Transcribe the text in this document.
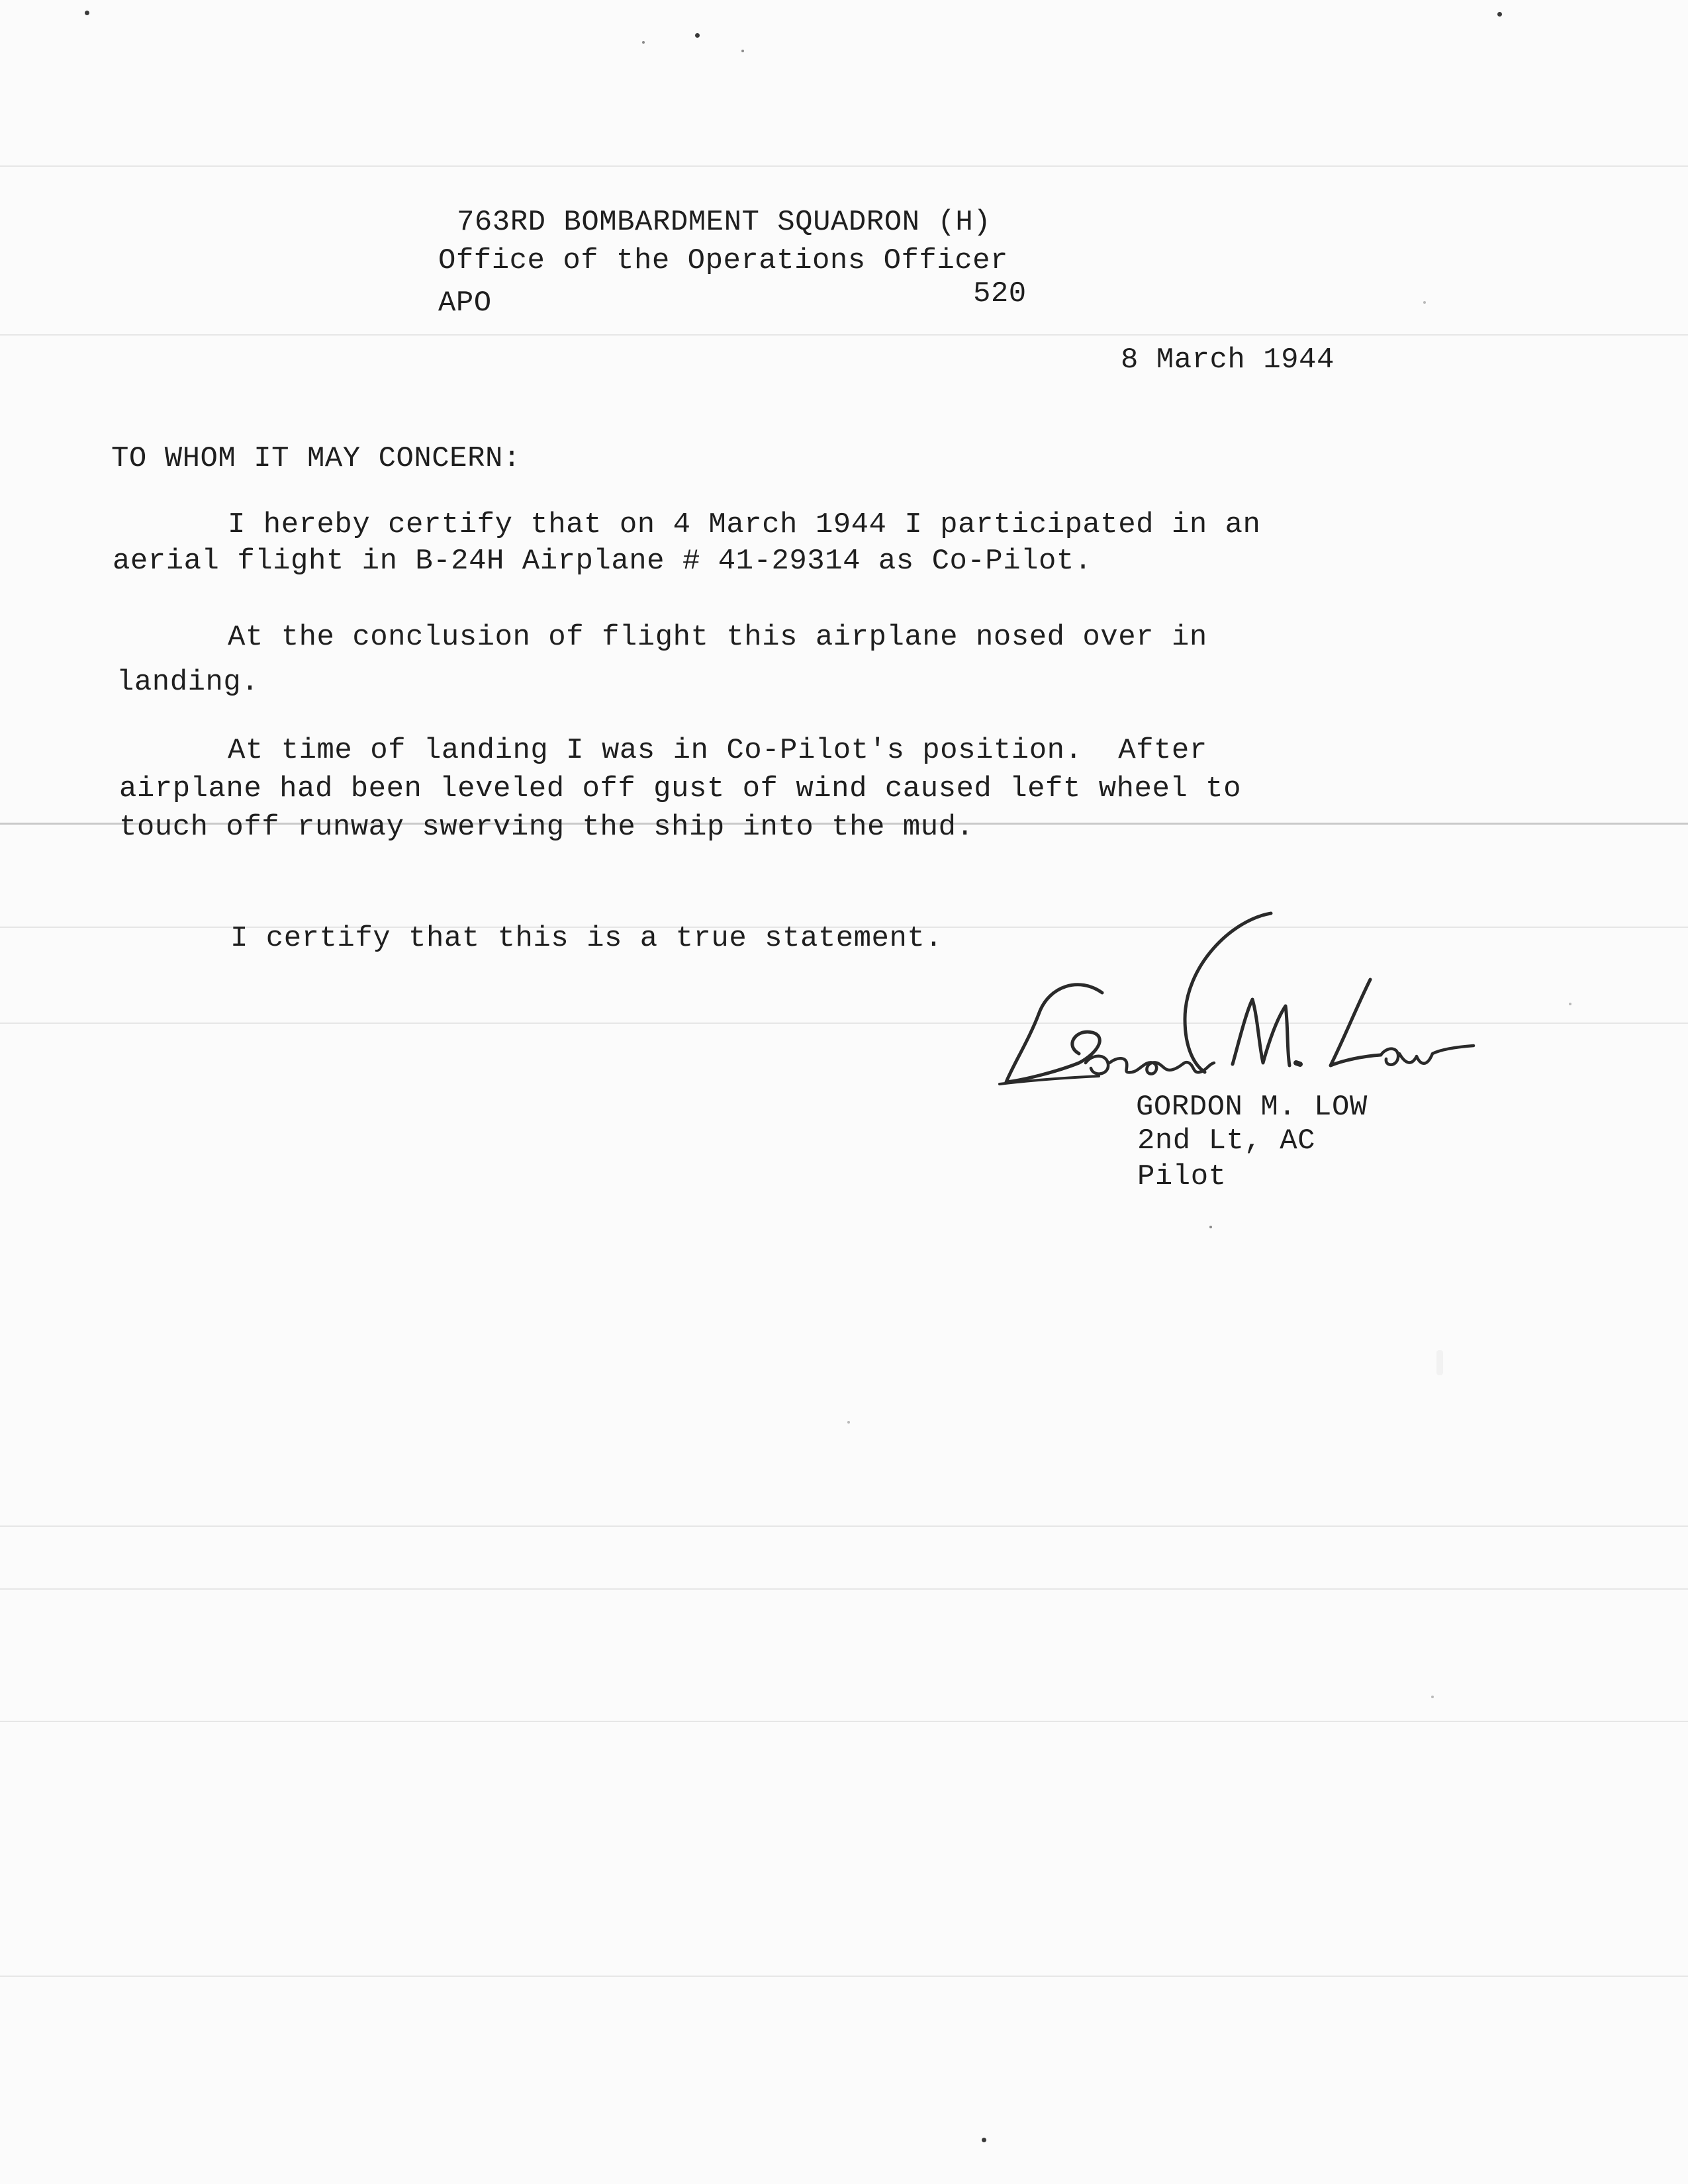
763RD BOMBARDMENT SQUADRON (H)
Office of the Operations Officer
APO	520
8 March 1944
TO WHOM IT MAY CONCERN:
I hereby certify that on 4 March 1944 I participated in an
aerial flight in B-24H Airplane # 41-29314 as Co-Pilot.
At the conclusion of flight this airplane nosed over in
landing.
At time of landing I was in Co-Pilot's position.  After
airplane had been leveled off gust of wind caused left wheel to
touch off runway swerving the ship into the mud.
I certify that this is a true statement.
GORDON M. LOW
2nd Lt, AC
Pilot
